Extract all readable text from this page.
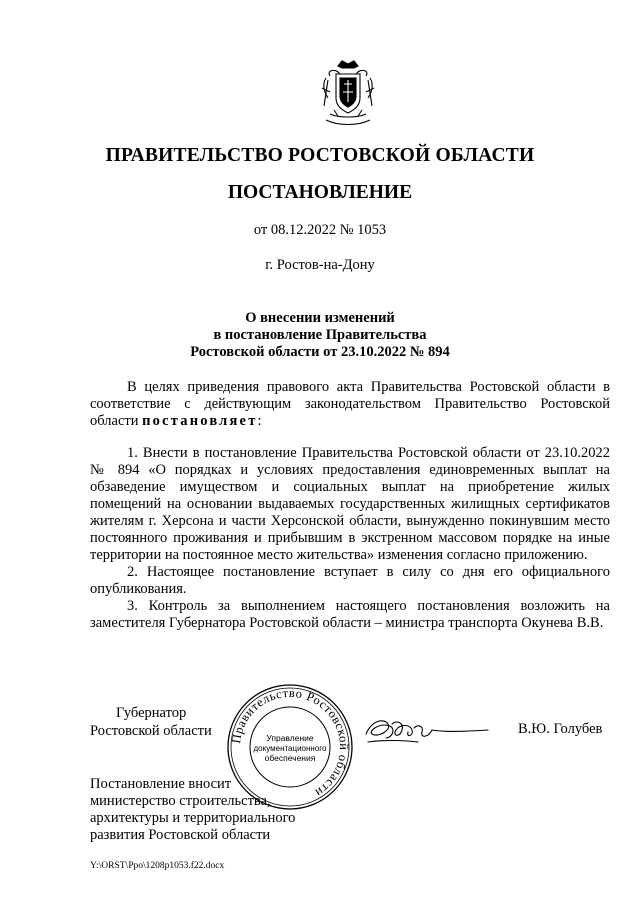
ПРАВИТЕЛЬСТВО РОСТОВСКОЙ ОБЛАСТИ
ПОСТАНОВЛЕНИЕ
от 08.12.2022 № 1053
г. Ростов-на-Дону
О внесении изменений
в постановление Правительства
Ростовской области от 23.10.2022 № 894

В целях приведения правового акта Правительства Ростовской области в соответствие с действующим законодательством Правительство Ростовской области постановляет:

1. Внести в постановление Правительства Ростовской области от 23.10.2022 № 894 «О порядках и условиях предоставления единовременных выплат на обзаведение имуществом и социальных выплат на приобретение жилых помещений на основании выдаваемых государственных жилищных сертификатов жителям г. Херсона и части Херсонской области, вынужденно покинувшим место постоянного проживания и прибывшим в экстренном массовом порядке на иные территории на постоянное место жительства» изменения согласно приложению.

2. Настоящее постановление вступает в силу со дня его официального опубликования.

3. Контроль за выполнением настоящего постановления возложить на заместителя Губернатора Ростовской области – министра транспорта Окунева В.В.

Правительство Ростовской области
Управление
документационного
обеспечения
Губернатор
Ростовской области	В.Ю. Голубев
Постановление вносит
министерство строительства,
архитектуры и территориального
развития Ростовской области
Y:\ORST\Ppo\1208p1053.f22.docx
